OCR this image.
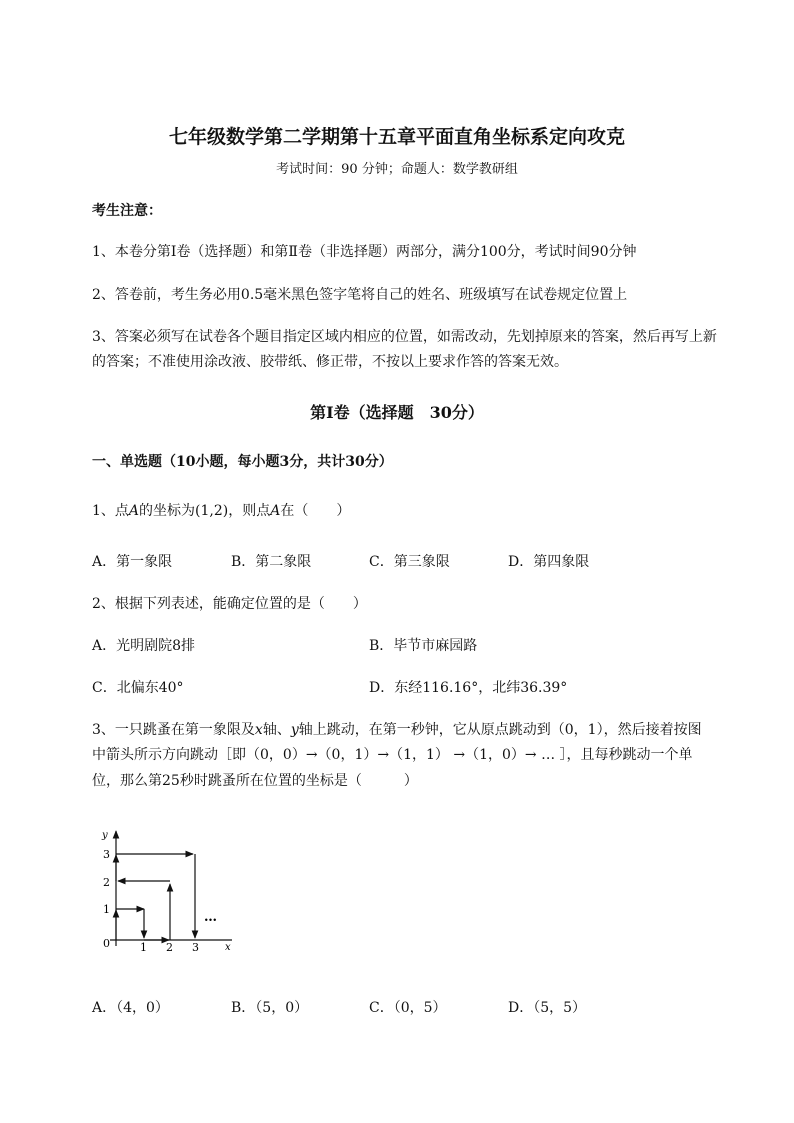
七年级数学第二学期第十五章平面直角坐标系定向攻克
考试时间：90 分钟；命题人：数学教研组
考生注意：
1、本卷分第Ⅰ卷（选择题）和第Ⅱ卷（非选择题）两部分，满分100分，考试时间90分钟
2、答卷前，考生务必用0.5毫米黑色签字笔将自己的姓名、班级填写在试卷规定位置上
3、答案必须写在试卷各个题目指定区域内相应的位置，如需改动，先划掉原来的答案，然后再写上新
的答案；不准使用涂改液、胶带纸、修正带，不按以上要求作答的答案无效。
第Ⅰ卷（选择题　30分）
一、单选题（10小题，每小题3分，共计30分）
1、点A的坐标为(1,2)，则点A在（　　）
A．第一象限	B．第二象限	C．第三象限	D．第四象限
2、根据下列表述，能确定位置的是（　　）
A．光明剧院8排	B．毕节市麻园路
C．北偏东40°	D．东经116.16°，北纬36.39°
3、一只跳蚤在第一象限及x轴、y轴上跳动，在第一秒钟，它从原点跳动到（0，1），然后接着按图
中箭头所示方向跳动［即（0，0）→（0，1）→（1，1） →（1，0）→ … ］，且每秒跳动一个单
位，那么第25秒时跳蚤所在位置的坐标是（　　　）
y
3
2
1
0	1 2 3	x
…
A．（4，0）	B．（5，0）	C．（0，5）	D．（5，5）
